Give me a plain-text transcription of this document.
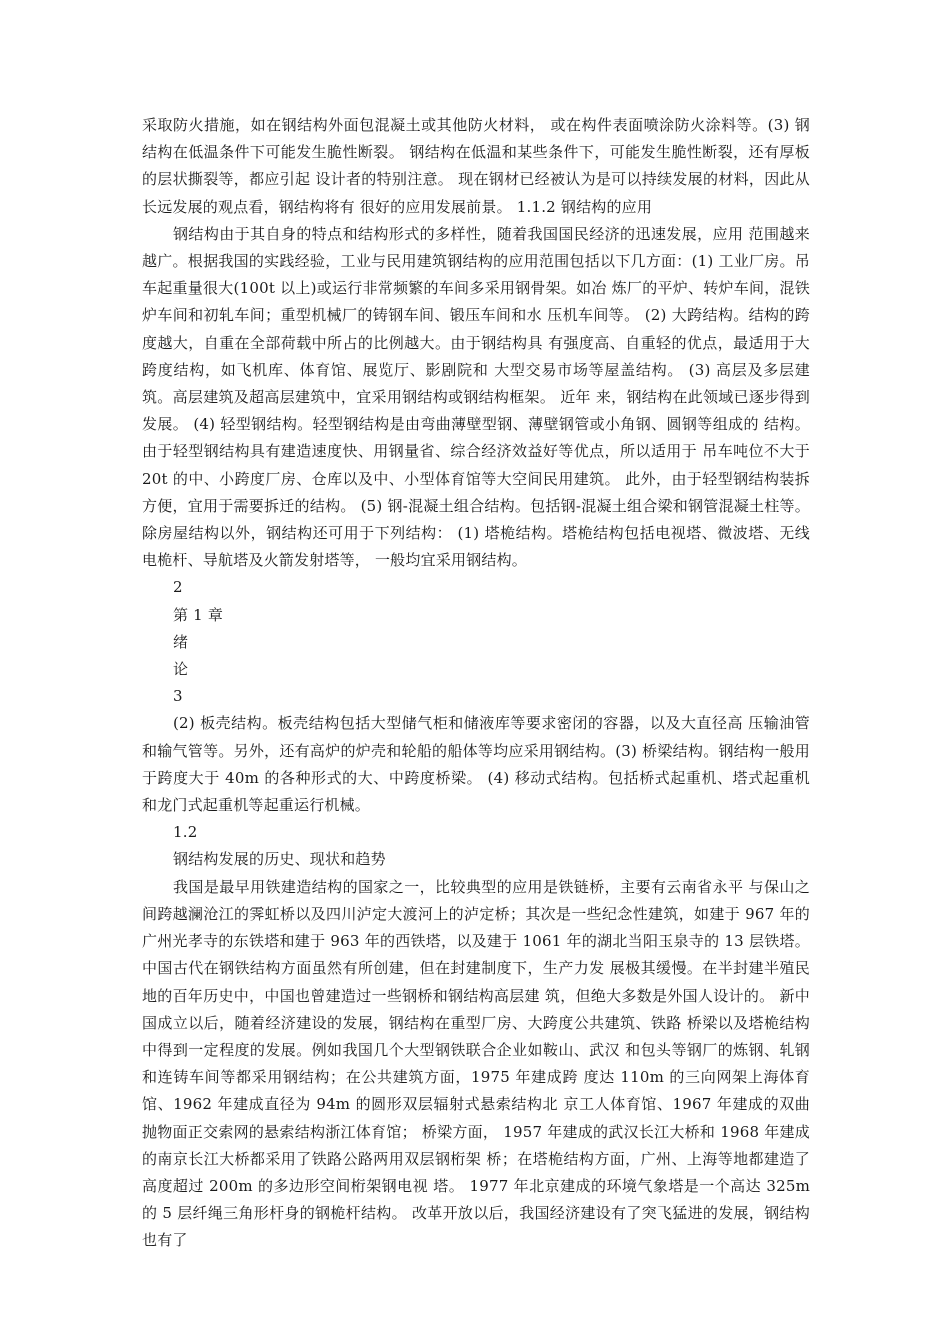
采取防火措施，如在钢结构外面包混凝土或其他防火材料， 或在构件表面喷涂防火涂料等。(3) 钢结构在低温条件下可能发生脆性断裂。 钢结构在低温和某些条件下，可能发生脆性断裂，还有厚板的层状撕裂等，都应引起 设计者的特别注意。 现在钢材已经被认为是可以持续发展的材料，因此从长远发展的观点看，钢结构将有 很好的应用发展前景。 1.1.2 钢结构的应用

钢结构由于其自身的特点和结构形式的多样性，随着我国国民经济的迅速发展，应用 范围越来越广。根据我国的实践经验，工业与民用建筑钢结构的应用范围包括以下几方面：(1) 工业厂房。吊车起重量很大(100t 以上)或运行非常频繁的车间多采用钢骨架。如冶 炼厂的平炉、转炉车间，混铁炉车间和初轧车间；重型机械厂的铸钢车间、锻压车间和水 压机车间等。 (2) 大跨结构。结构的跨度越大，自重在全部荷载中所占的比例越大。由于钢结构具 有强度高、自重轻的优点，最适用于大跨度结构，如飞机库、体育馆、展览厅、影剧院和 大型交易市场等屋盖结构。 (3) 高层及多层建筑。高层建筑及超高层建筑中，宜采用钢结构或钢结构框架。 近年 来，钢结构在此领域已逐步得到发展。 (4) 轻型钢结构。轻型钢结构是由弯曲薄壁型钢、薄壁钢管或小角钢、圆钢等组成的 结构。由于轻型钢结构具有建造速度快、用钢量省、综合经济效益好等优点，所以适用于 吊车吨位不大于 20t 的中、小跨度厂房、仓库以及中、小型体育馆等大空间民用建筑。 此外，由于轻型钢结构装拆方便，宜用于需要拆迁的结构。 (5) 钢-混凝土组合结构。包括钢-混凝土组合梁和钢管混凝土柱等。 除房屋结构以外，钢结构还可用于下列结构： (1) 塔桅结构。塔桅结构包括电视塔、微波塔、无线电桅杆、导航塔及火箭发射塔等， 一般均宜采用钢结构。

2

第 1 章

绪

论

3

(2) 板壳结构。板壳结构包括大型储气柜和储液库等要求密闭的容器，以及大直径高 压输油管和输气管等。另外，还有高炉的炉壳和轮船的船体等均应采用钢结构。(3) 桥梁结构。钢结构一般用于跨度大于 40m 的各种形式的大、中跨度桥梁。 (4) 移动式结构。包括桥式起重机、塔式起重机和龙门式起重机等起重运行机械。

1.2

钢结构发展的历史、现状和趋势

我国是最早用铁建造结构的国家之一，比较典型的应用是铁链桥，主要有云南省永平 与保山之间跨越澜沧江的霁虹桥以及四川泸定大渡河上的泸定桥；其次是一些纪念性建筑，如建于 967 年的广州光孝寺的东铁塔和建于 963 年的西铁塔，以及建于 1061 年的湖北当阳玉泉寺的 13 层铁塔。中国古代在钢铁结构方面虽然有所创建，但在封建制度下，生产力发 展极其缓慢。在半封建半殖民地的百年历史中，中国也曾建造过一些钢桥和钢结构高层建 筑，但绝大多数是外国人设计的。 新中国成立以后，随着经济建设的发展，钢结构在重型厂房、大跨度公共建筑、铁路 桥梁以及塔桅结构中得到一定程度的发展。例如我国几个大型钢铁联合企业如鞍山、武汉 和包头等钢厂的炼钢、轧钢和连铸车间等都采用钢结构；在公共建筑方面，1975 年建成跨 度达 110m 的三向网架上海体育馆、1962 年建成直径为 94m 的圆形双层辐射式悬索结构北 京工人体育馆、1967 年建成的双曲抛物面正交索网的悬索结构浙江体育馆； 桥梁方面， 1957 年建成的武汉长江大桥和 1968 年建成的南京长江大桥都采用了铁路公路两用双层钢桁架 桥；在塔桅结构方面，广州、上海等地都建造了高度超过 200m 的多边形空间桁架钢电视 塔。 1977 年北京建成的环境气象塔是一个高达 325m 的 5 层纤绳三角形杆身的钢桅杆结构。 改革开放以后，我国经济建设有了突飞猛进的发展，钢结构也有了
